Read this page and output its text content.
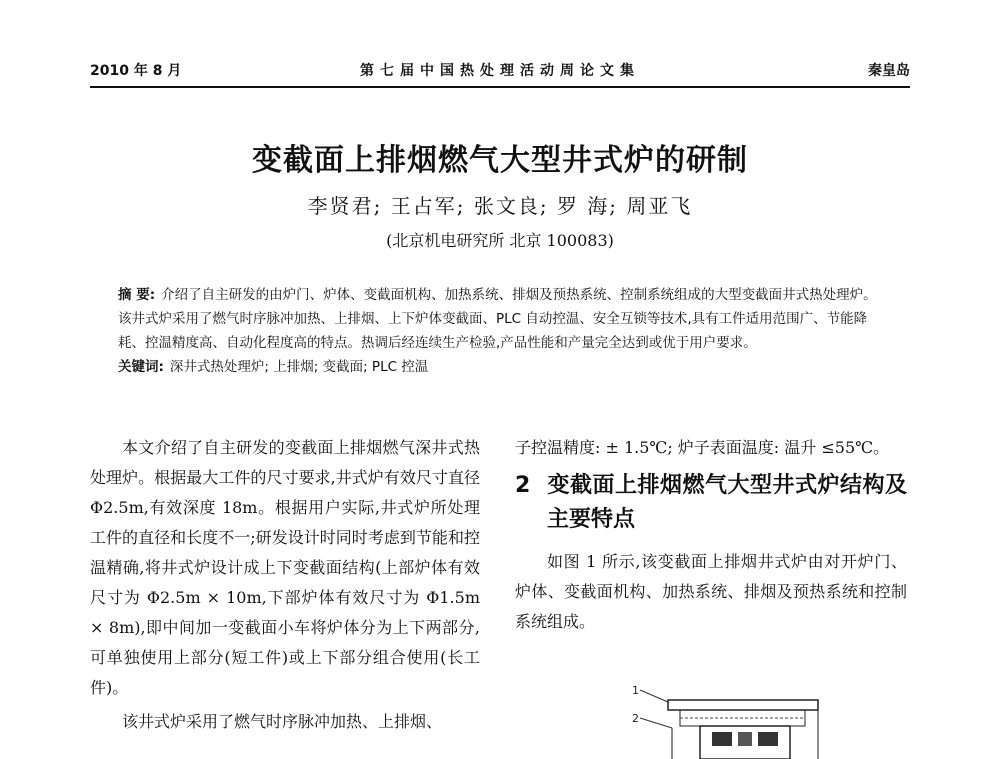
2010 年 8 月	第七届中国热处理活动周论文集	秦皇岛
变截面上排烟燃气大型井式炉的研制
李贤君; 王占军; 张文良; 罗 海; 周亚飞
(北京机电研究所 北京 100083)
摘 要: 介绍了自主研发的由炉门、炉体、变截面机构、加热系统、排烟及预热系统、控制系统组成的大型变截面井式热处理炉。该井式炉采用了燃气时序脉冲加热、上排烟、上下炉体变截面、PLC 自动控温、安全互锁等技术,具有工件适用范围广、节能降耗、控温精度高、自动化程度高的特点。热调后经连续生产检验,产品性能和产量完全达到或优于用户要求。
关键词: 深井式热处理炉; 上排烟; 变截面; PLC 控温

本文介绍了自主研发的变截面上排烟燃气深井式热处理炉。根据最大工件的尺寸要求,井式炉有效尺寸直径 Φ2.5m,有效深度 18m。根据用户实际,井式炉所处理工件的直径和长度不一;研发设计时同时考虑到节能和控温精确,将井式炉设计成上下变截面结构(上部炉体有效尺寸为 Φ2.5m × 10m,下部炉体有效尺寸为 Φ1.5m × 8m),即中间加一变截面小车将炉体分为上下两部分,可单独使用上部分(短工件)或上下部分组合使用(长工件)。

该井式炉采用了燃气时序脉冲加热、上排烟、

子控温精度: ± 1.5℃; 炉子表面温度: 温升 ≤55℃。

2 变截面上排烟燃气大型井式炉结构及主要特点

如图 1 所示,该变截面上排烟井式炉由对开炉门、炉体、变截面机构、加热系统、排烟及预热系统和控制系统组成。

1
2
